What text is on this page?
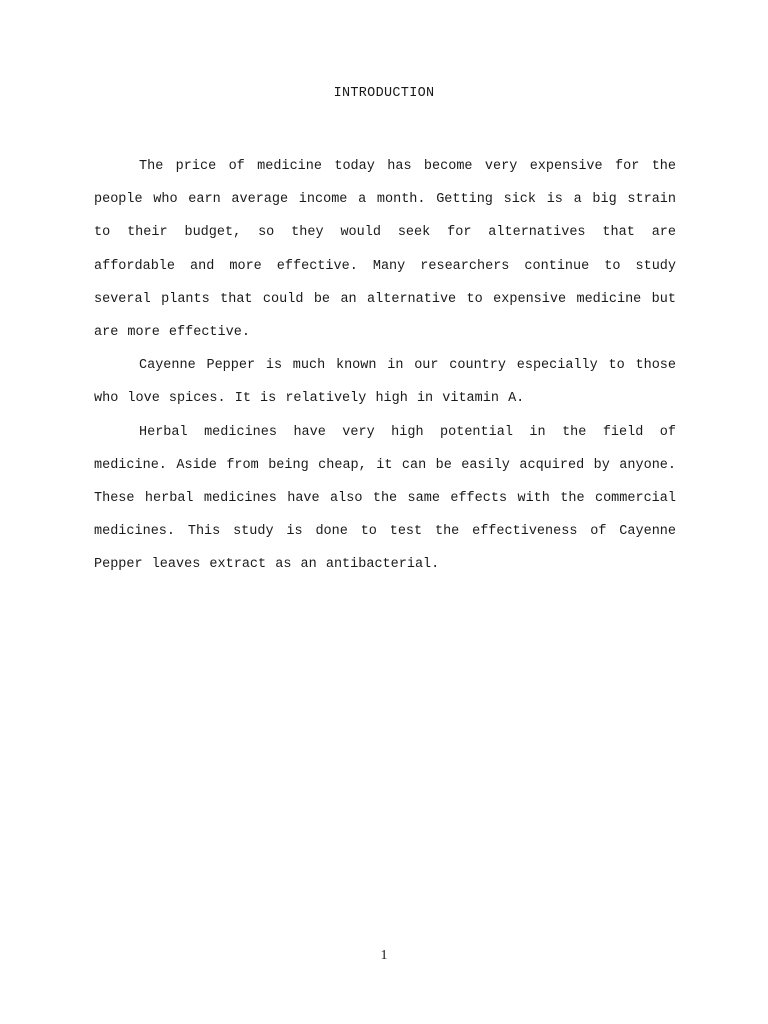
INTRODUCTION

The price of medicine today has become very expensive for the people who earn average income a month. Getting sick is a big strain to their budget, so they would seek for alternatives that are affordable and more effective. Many researchers continue to study several plants that could be an alternative to expensive medicine but are more effective.

Cayenne Pepper is much known in our country especially to those who love spices. It is relatively high in vitamin A.

Herbal medicines have very high potential in the field of medicine. Aside from being cheap, it can be easily acquired by anyone. These herbal medicines have also the same effects with the commercial medicines. This study is done to test the effectiveness of Cayenne Pepper leaves extract as an antibacterial.

1
